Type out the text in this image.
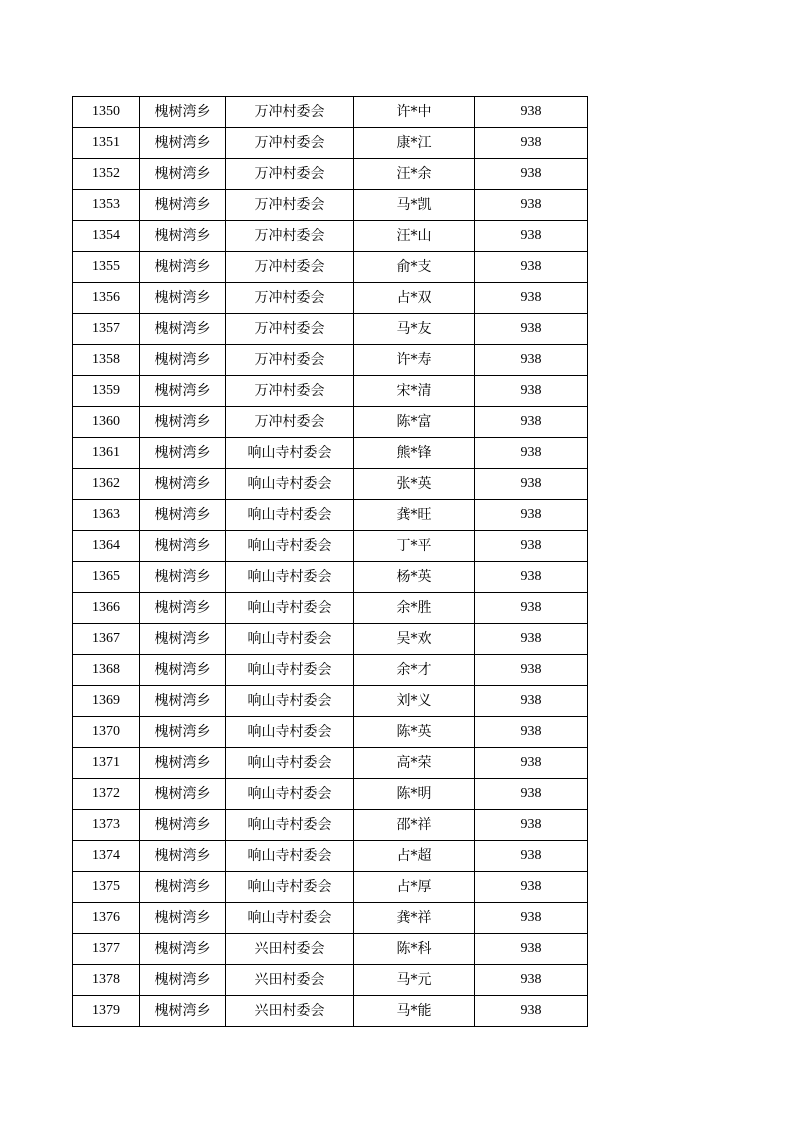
1350	槐树湾乡	万冲村委会	许*中	938
1351	槐树湾乡	万冲村委会	康*江	938
1352	槐树湾乡	万冲村委会	汪*余	938
1353	槐树湾乡	万冲村委会	马*凯	938
1354	槐树湾乡	万冲村委会	汪*山	938
1355	槐树湾乡	万冲村委会	俞*支	938
1356	槐树湾乡	万冲村委会	占*双	938
1357	槐树湾乡	万冲村委会	马*友	938
1358	槐树湾乡	万冲村委会	许*寿	938
1359	槐树湾乡	万冲村委会	宋*清	938
1360	槐树湾乡	万冲村委会	陈*富	938
1361	槐树湾乡	响山寺村委会	熊*锋	938
1362	槐树湾乡	响山寺村委会	张*英	938
1363	槐树湾乡	响山寺村委会	龚*旺	938
1364	槐树湾乡	响山寺村委会	丁*平	938
1365	槐树湾乡	响山寺村委会	杨*英	938
1366	槐树湾乡	响山寺村委会	余*胜	938
1367	槐树湾乡	响山寺村委会	吴*欢	938
1368	槐树湾乡	响山寺村委会	余*才	938
1369	槐树湾乡	响山寺村委会	刘*义	938
1370	槐树湾乡	响山寺村委会	陈*英	938
1371	槐树湾乡	响山寺村委会	高*荣	938
1372	槐树湾乡	响山寺村委会	陈*明	938
1373	槐树湾乡	响山寺村委会	邵*祥	938
1374	槐树湾乡	响山寺村委会	占*超	938
1375	槐树湾乡	响山寺村委会	占*厚	938
1376	槐树湾乡	响山寺村委会	龚*祥	938
1377	槐树湾乡	兴田村委会	陈*科	938
1378	槐树湾乡	兴田村委会	马*元	938
1379	槐树湾乡	兴田村委会	马*能	938
